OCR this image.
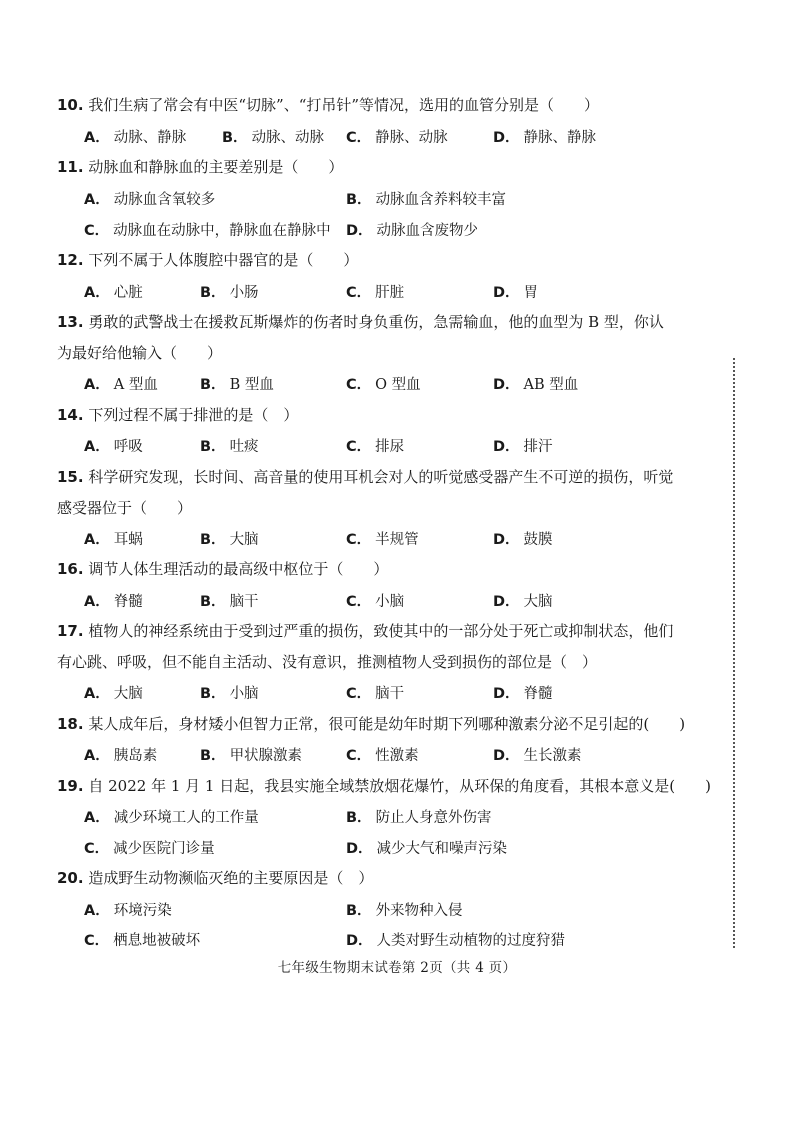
10. 我们生病了常会有中医“切脉”、“打吊针”等情况，选用的血管分别是（　　）
A． 动脉、静脉 B． 动脉、动脉 C． 静脉、动脉	D． 静脉、静脉
11. 动脉血和静脉血的主要差别是（　　）
A． 动脉血含氧较多	B． 动脉血含养料较丰富
C． 动脉血在动脉中，静脉血在静脉中 D． 动脉血含废物少
12. 下列不属于人体腹腔中器官的是（　　）
A． 心脏	B． 小肠	C． 肝脏	D． 胃
13. 勇敢的武警战士在援救瓦斯爆炸的伤者时身负重伤，急需输血，他的血型为 B 型，你认
为最好给他输入（　　）
A． A 型血	B． B 型血	C． O 型血	D． AB 型血
14. 下列过程不属于排泄的是（　）
A． 呼吸	B． 吐痰	C． 排尿	D． 排汗
15. 科学研究发现，长时间、高音量的使用耳机会对人的听觉感受器产生不可逆的损伤，听觉
感受器位于（　　）
A． 耳蜗	B． 大脑	C． 半规管	D． 鼓膜
16. 调节人体生理活动的最高级中枢位于（　　）
A． 脊髓	B． 脑干	C． 小脑	D． 大脑
17. 植物人的神经系统由于受到过严重的损伤，致使其中的一部分处于死亡或抑制状态，他们
有心跳、呼吸，但不能自主活动、没有意识，推测植物人受到损伤的部位是（　）
A． 大脑	B． 小脑	C． 脑干	D． 脊髓
18. 某人成年后，身材矮小但智力正常，很可能是幼年时期下列哪种激素分泌不足引起的(　　)
A． 胰岛素	B． 甲状腺激素	C． 性激素	D． 生长激素
19. 自 2022 年 1 月 1 日起，我县实施全域禁放烟花爆竹，从环保的角度看，其根本意义是(　　)
A． 减少环境工人的工作量	B． 防止人身意外伤害
C． 减少医院门诊量	D． 减少大气和噪声污染
20. 造成野生动物濒临灭绝的主要原因是（　）
A． 环境污染	B． 外来物种入侵
C． 栖息地被破坏	D． 人类对野生动植物的过度狩猎
七年级生物期末试卷第 2页（共 4 页）
